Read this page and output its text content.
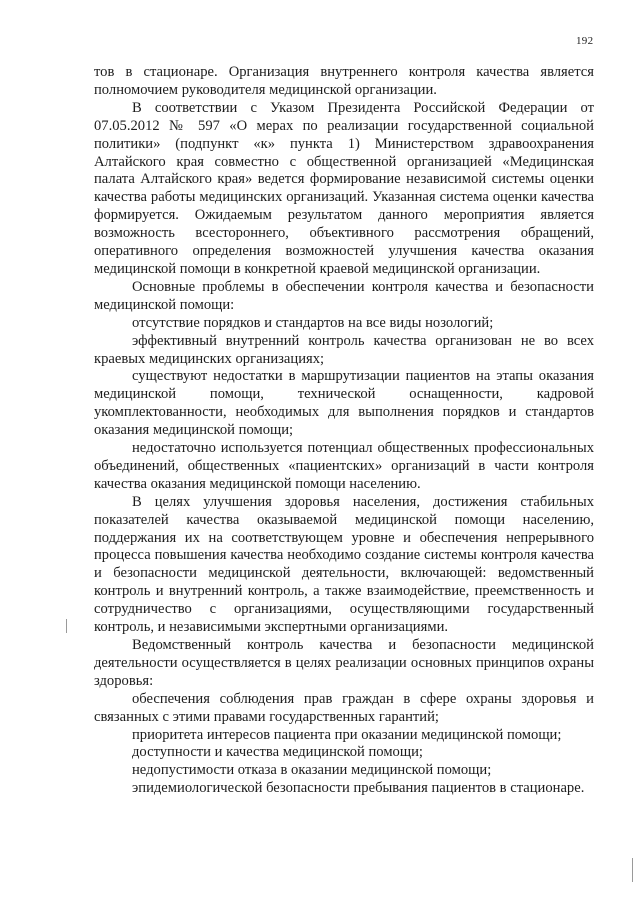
192

тов в стационаре. Организация внутреннего контроля качества является полномочием руководителя медицинской организации.

В соответствии с Указом Президента Российской Федерации от 07.05.2012 № 597 «О мерах по реализации государственной социальной политики» (подпункт «к» пункта 1) Министерством здравоохранения Алтайского края совместно с общественной организацией «Медицинская палата Алтайского края» ведется формирование независимой системы оценки качества работы медицинских организаций. Указанная система оценки качества формируется. Ожидаемым результатом данного мероприятия является возможность всестороннего, объективного рассмотрения обращений, оперативного определения возможностей улучшения качества оказания медицинской помощи в конкретной краевой медицинской организации.

Основные проблемы в обеспечении контроля качества и безопасности медицинской помощи:

отсутствие порядков и стандартов на все виды нозологий;

эффективный внутренний контроль качества организован не во всех краевых медицинских организациях;

существуют недостатки в маршрутизации пациентов на этапы оказания медицинской помощи, технической оснащенности, кадровой укомплектованности, необходимых для выполнения порядков и стандартов оказания медицинской помощи;

недостаточно используется потенциал общественных профессиональных объединений, общественных «пациентских» организаций в части контроля качества оказания медицинской помощи населению.

В целях улучшения здоровья населения, достижения стабильных показателей качества оказываемой медицинской помощи населению, поддержания их на соответствующем уровне и обеспечения непрерывного процесса повышения качества необходимо создание системы контроля качества и безопасности медицинской деятельности, включающей: ведомственный контроль и внутренний контроль, а также взаимодействие, преемственность и сотрудничество с организациями, осуществляющими государственный контроль, и независимыми экспертными организациями.

Ведомственный контроль качества и безопасности медицинской деятельности осуществляется в целях реализации основных принципов охраны здоровья:

обеспечения соблюдения прав граждан в сфере охраны здоровья и связанных с этими правами государственных гарантий;

приоритета интересов пациента при оказании медицинской помощи;

доступности и качества медицинской помощи;

недопустимости отказа в оказании медицинской помощи;

эпидемиологической безопасности пребывания пациентов в стационаре.
